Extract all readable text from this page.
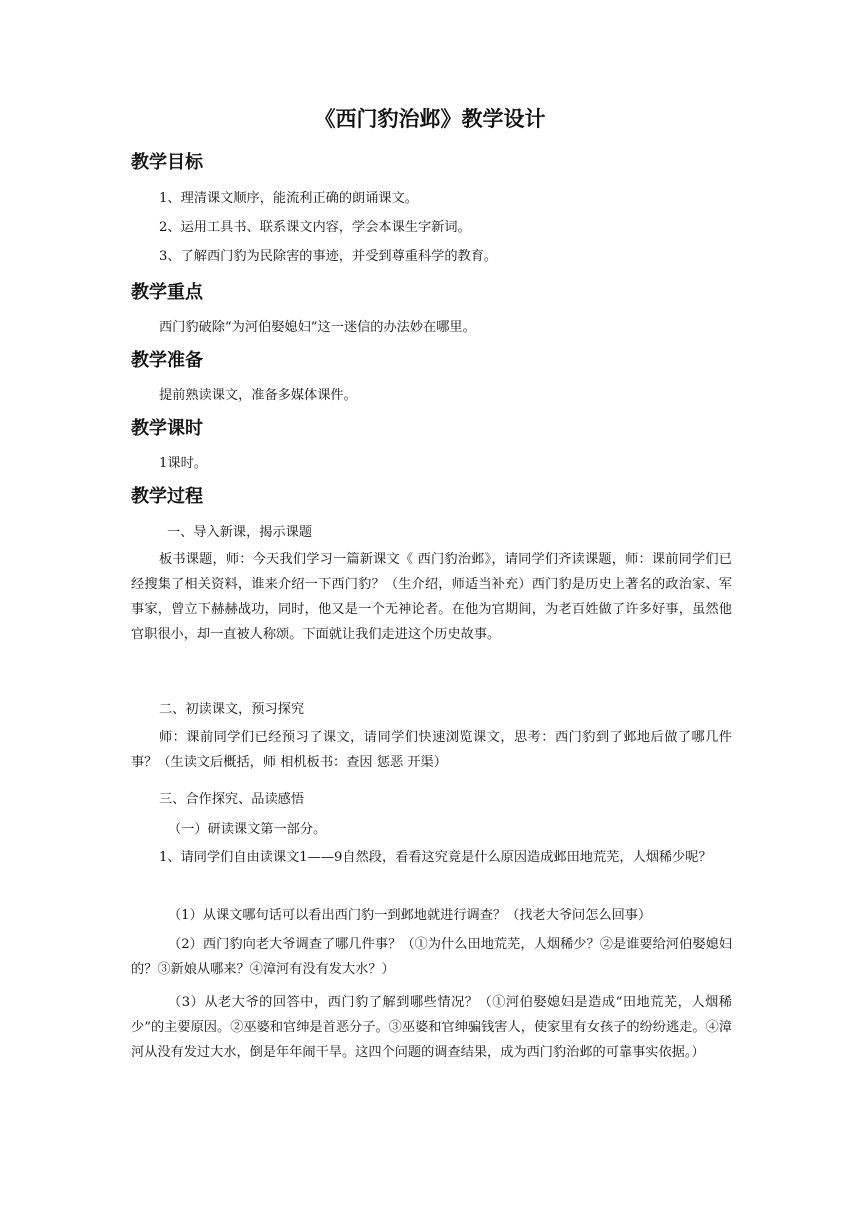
《西门豹治邺》教学设计
教学目标

1、理清课文顺序，能流利正确的朗诵课文。

2、运用工具书、联系课文内容，学会本课生字新词。

3、了解西门豹为民除害的事迹，并受到尊重科学的教育。

教学重点

西门豹破除“为河伯娶媳妇”这一迷信的办法妙在哪里。

教学准备

提前熟读课文，准备多媒体课件。

教学课时

1课时。

教学过程

一、导入新课，揭示课题

板书课题，师：今天我们学习一篇新课文《 西门豹治邺》，请同学们齐读课题，师：课前同学们已经搜集了相关资料，谁来介绍一下西门豹？（生介绍，师适当补充）西门豹是历史上著名的政治家、军事家，曾立下赫赫战功，同时，他又是一个无神论者。在他为官期间，为老百姓做了许多好事，虽然他官职很小，却一直被人称颂。下面就让我们走进这个历史故事。

二、初读课文，预习探究

师：课前同学们已经预习了课文，请同学们快速浏览课文，思考：西门豹到了邺地后做了哪几件事？（生读文后概括，师 相机板书：查因 惩恶 开渠）

三、合作探究、品读感悟

（一）研读课文第一部分。

1、请同学们自由读课文1——9自然段，看看这究竟是什么原因造成邺田地荒芜，人烟稀少呢？

（1）从课文哪句话可以看出西门豹一到邺地就进行调查？（找老大爷问怎么回事）

（2）西门豹向老大爷调查了哪几件事？（①为什么田地荒芜，人烟稀少？②是谁要给河伯娶媳妇的？③新娘从哪来？④漳河有没有发大水？）

（3）从老大爷的回答中，西门豹了解到哪些情况？（①河伯娶媳妇是造成“田地荒芜，人烟稀少”的主要原因。②巫婆和官绅是首恶分子。③巫婆和官绅骗钱害人，使家里有女孩子的纷纷逃走。④漳河从没有发过大水，倒是年年闹干旱。这四个问题的调查结果，成为西门豹治邺的可靠事实依据。）
